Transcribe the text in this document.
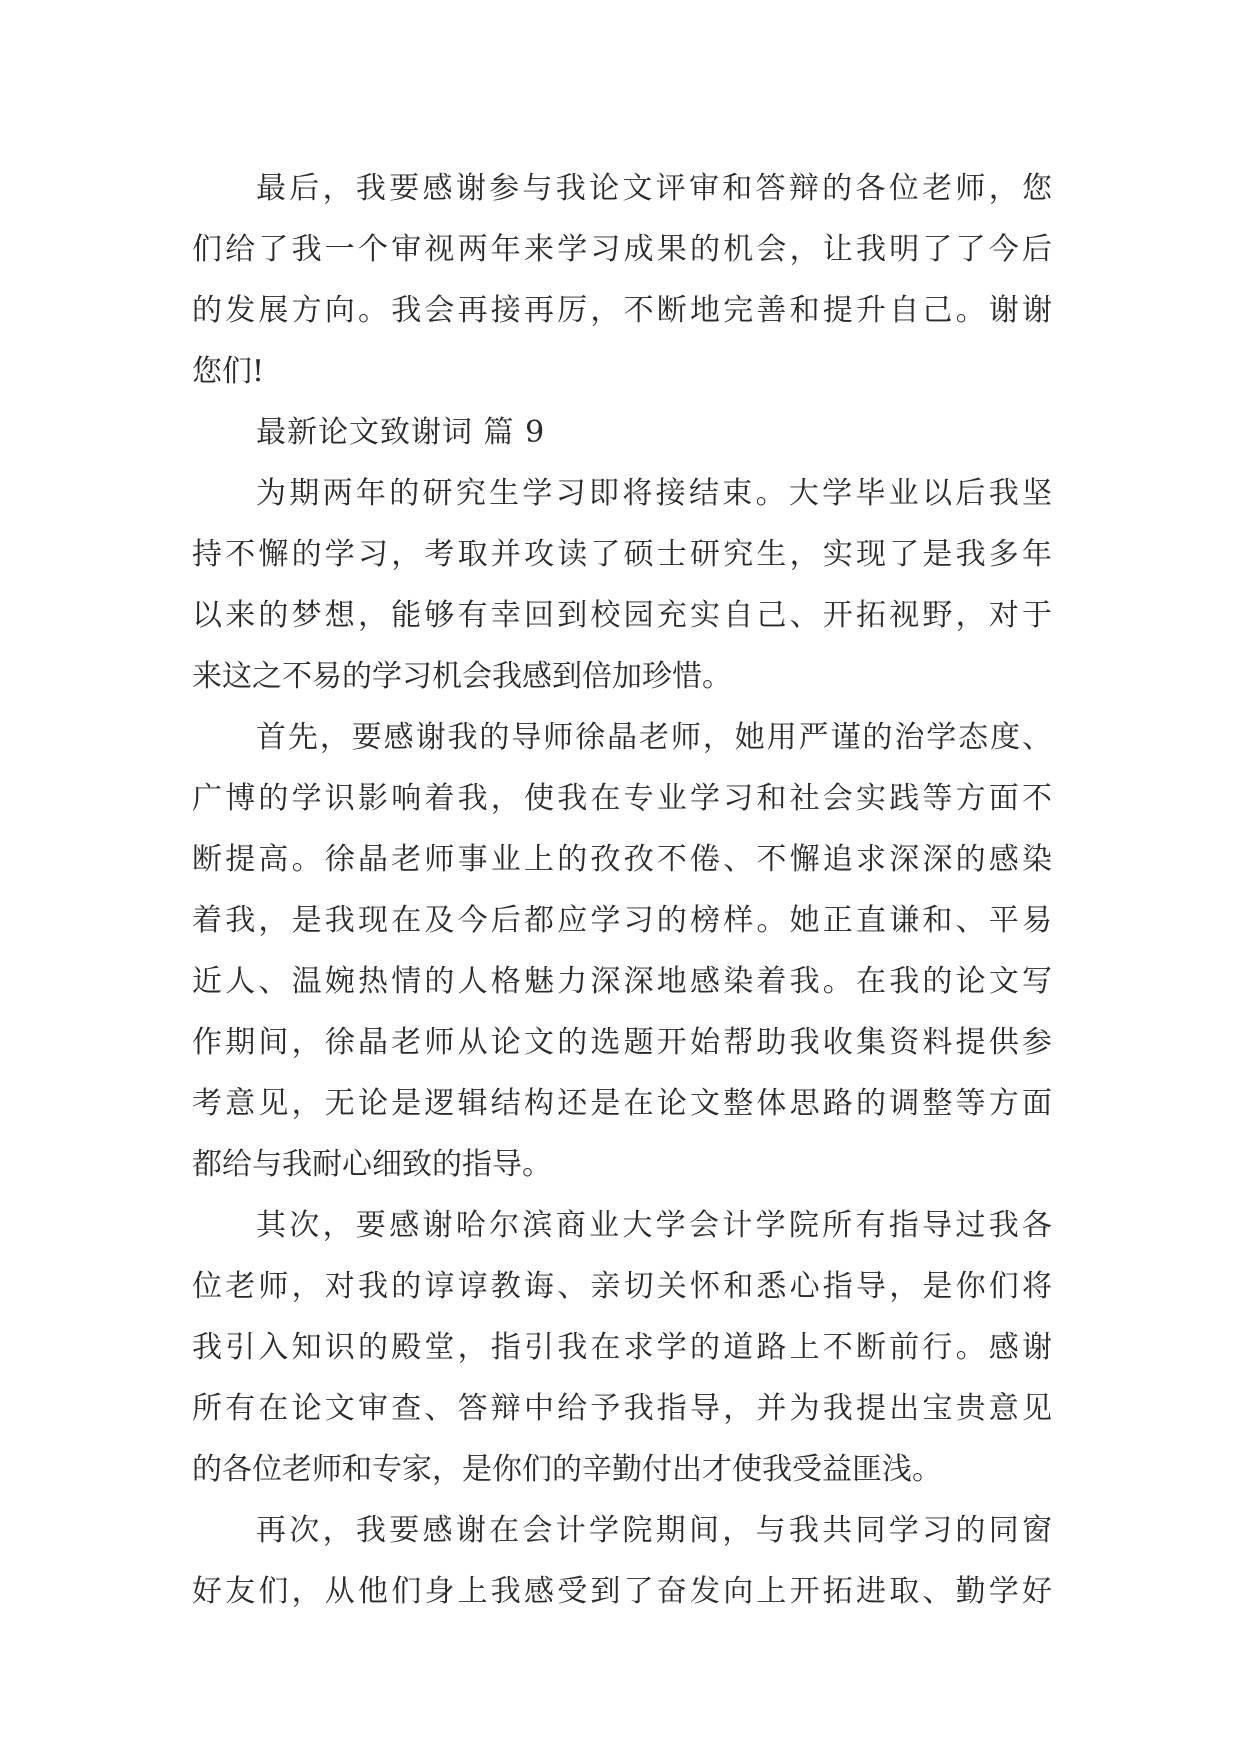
最后，我要感谢参与我论文评审和答辩的各位老师，您
们给了我一个审视两年来学习成果的机会，让我明了了今后
的发展方向。我会再接再厉，不断地完善和提升自己。谢谢
您们!
最新论文致谢词 篇 9
为期两年的研究生学习即将接结束。大学毕业以后我坚
持不懈的学习，考取并攻读了硕士研究生，实现了是我多年
以来的梦想，能够有幸回到校园充实自己、开拓视野，对于
来这之不易的学习机会我感到倍加珍惜。
首先，要感谢我的导师徐晶老师，她用严谨的治学态度、
广博的学识影响着我，使我在专业学习和社会实践等方面不
断提高。徐晶老师事业上的孜孜不倦、不懈追求深深的感染
着我，是我现在及今后都应学习的榜样。她正直谦和、平易
近人、温婉热情的人格魅力深深地感染着我。在我的论文写
作期间，徐晶老师从论文的选题开始帮助我收集资料提供参
考意见，无论是逻辑结构还是在论文整体思路的调整等方面
都给与我耐心细致的指导。
其次，要感谢哈尔滨商业大学会计学院所有指导过我各
位老师，对我的谆谆教诲、亲切关怀和悉心指导，是你们将
我引入知识的殿堂，指引我在求学的道路上不断前行。感谢
所有在论文审查、答辩中给予我指导，并为我提出宝贵意见
的各位老师和专家，是你们的辛勤付出才使我受益匪浅。
再次，我要感谢在会计学院期间，与我共同学习的同窗
好友们，从他们身上我感受到了奋发向上开拓进取、勤学好
